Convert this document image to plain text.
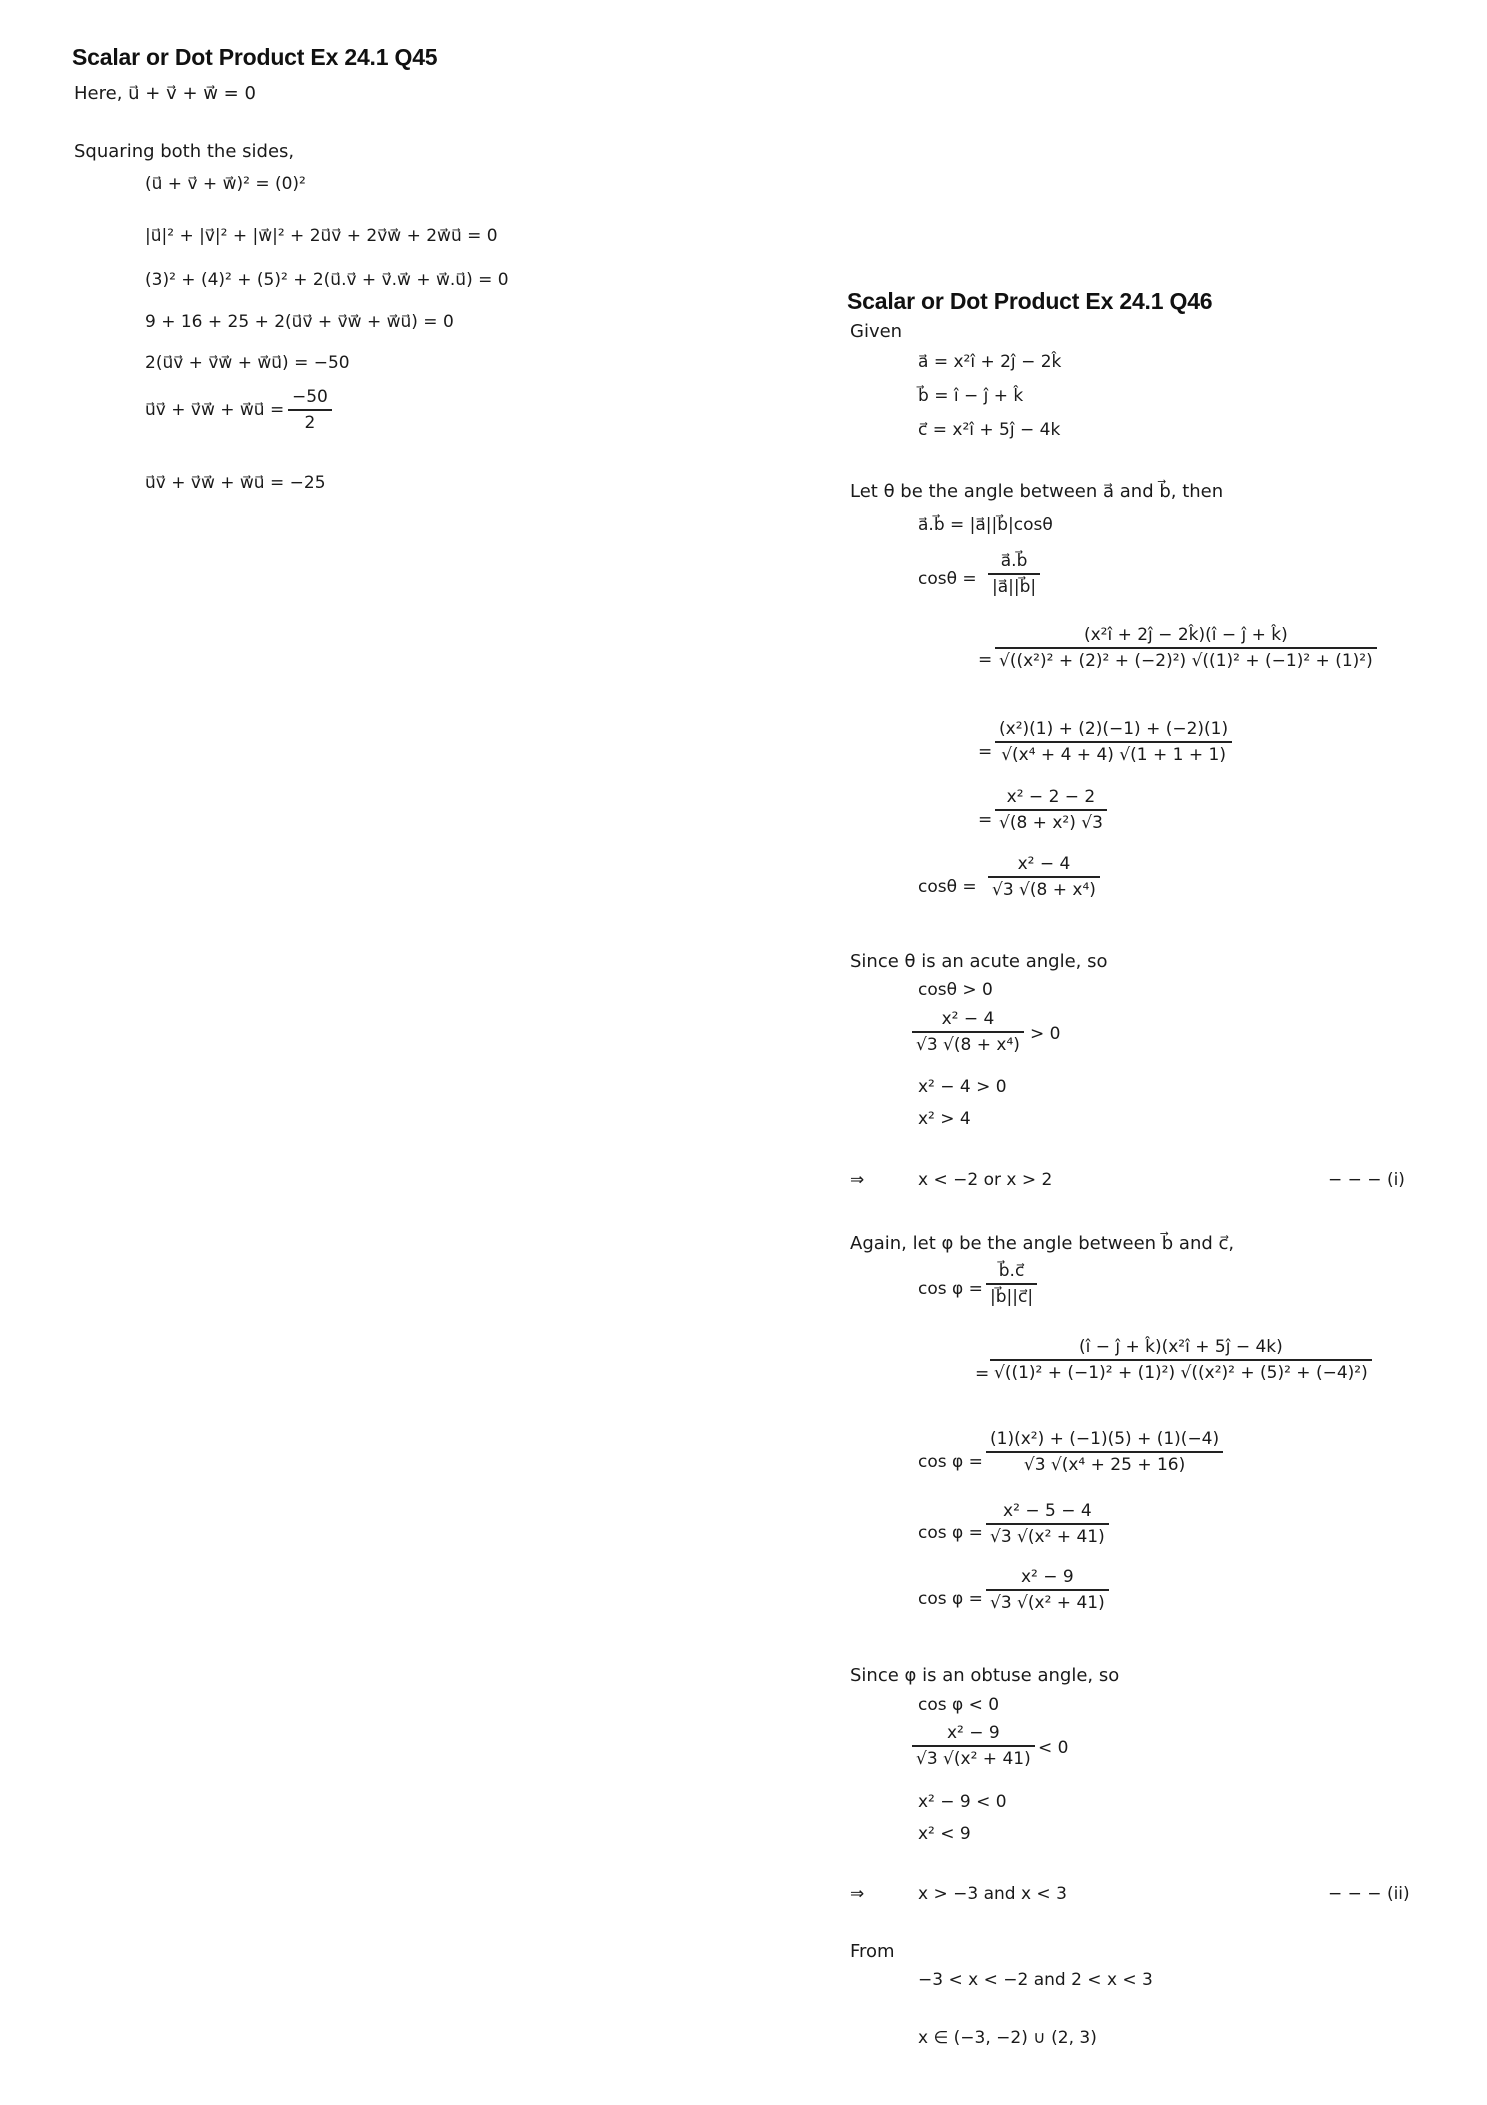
Scalar or Dot Product Ex 24.1 Q45
Here, u⃗ + v⃗ + w⃗ = 0
Squaring both the sides,
(u⃗ + v⃗ + w⃗)² = (0)²
|u⃗|² + |v⃗|² + |w⃗|² + 2u⃗v⃗ + 2v⃗w⃗ + 2w⃗u⃗ = 0
(3)² + (4)² + (5)² + 2(u⃗.v⃗ + v⃗.w⃗ + w⃗.u⃗) = 0
9 + 16 + 25 + 2(u⃗v⃗ + v⃗w⃗ + w⃗u⃗) = 0
2(u⃗v⃗ + v⃗w⃗ + w⃗u⃗) = −50
u⃗v⃗ + v⃗w⃗ + w⃗u⃗ =
−50
2
u⃗v⃗ + v⃗w⃗ + w⃗u⃗ = −25
Scalar or Dot Product Ex 24.1 Q46
Given
a⃗ = x²î + 2ĵ − 2k̂
b⃗ = î − ĵ + k̂
c⃗ = x²î + 5ĵ − 4k
Let θ be the angle between a⃗ and b⃗, then
a⃗.b⃗ = |a⃗||b⃗|cosθ
cosθ =
a⃗.b⃗
|a⃗||b⃗|
=
(x²î + 2ĵ − 2k̂)(î − ĵ + k̂)
√((x²)² + (2)² + (−2)²) √((1)² + (−1)² + (1)²)
=
(x²)(1) + (2)(−1) + (−2)(1)
√(x⁴ + 4 + 4) √(1 + 1 + 1)
=
x² − 2 − 2
√(8 + x²) √3
cosθ =
x² − 4
√3 √(8 + x⁴)
Since θ is an acute angle, so
cosθ > 0
x² − 4
√3 √(8 + x⁴)
> 0
x² − 4 > 0
x² > 4
⇒	x < −2 or x > 2	− − − (i)
Again, let φ be the angle between b⃗ and c⃗,
cos φ =
b⃗.c⃗
|b⃗||c⃗|
=
(î − ĵ + k̂)(x²î + 5ĵ − 4k)
√((1)² + (−1)² + (1)²) √((x²)² + (5)² + (−4)²)
cos φ =
(1)(x²) + (−1)(5) + (1)(−4)
√3 √(x⁴ + 25 + 16)
cos φ =
x² − 5 − 4
√3 √(x² + 41)
cos φ =
x² − 9
√3 √(x² + 41)
Since φ is an obtuse angle, so
cos φ < 0
x² − 9
√3 √(x² + 41)
< 0
x² − 9 < 0
x² < 9
⇒	x > −3 and x < 3	− − − (ii)
From
−3 < x < −2 and 2 < x < 3
x ∈ (−3, −2) ∪ (2, 3)
